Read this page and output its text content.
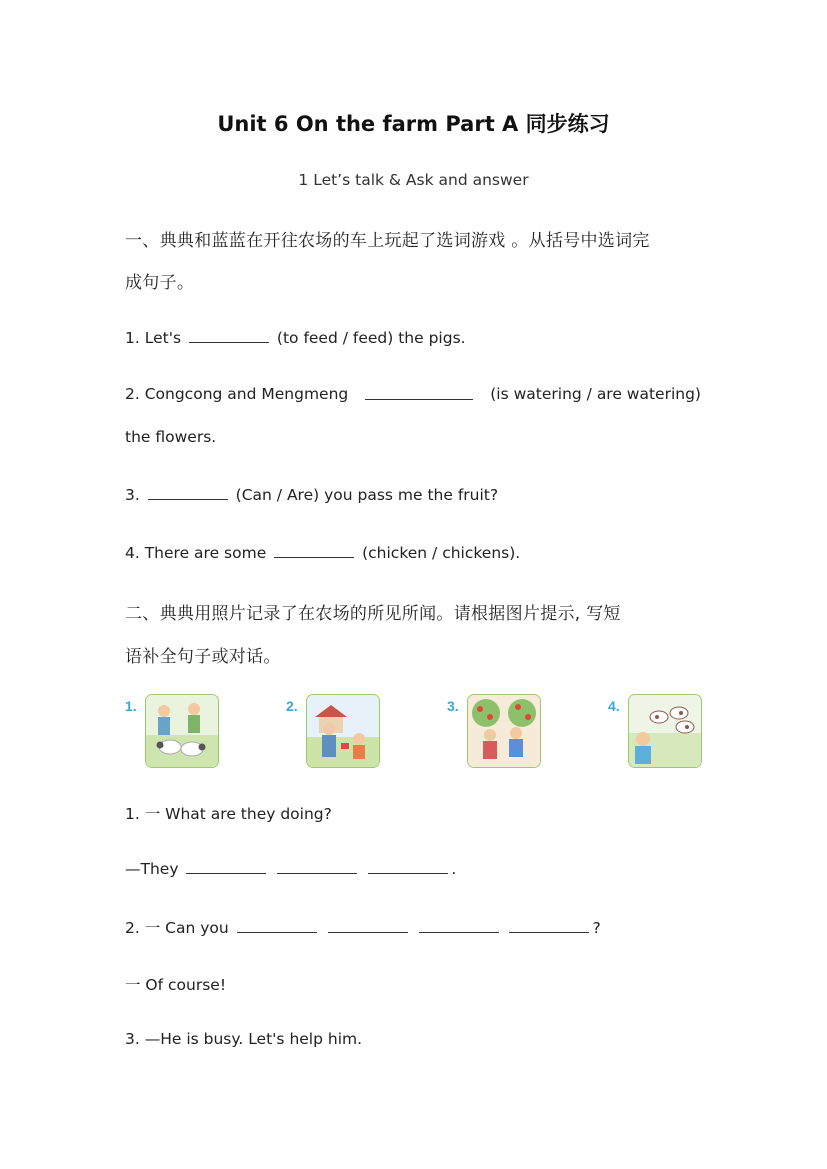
Unit 6 On the farm Part A 同步练习
1 Let’s talk & Ask and answer
一、典典和蓝蓝在开往农场的车上玩起了选词游戏 。从括号中选词完
成句子。
1. Let's	(to feed / feed) the pigs.
2. Congcong and Mengmeng	(is watering / are watering)
the flowers.
3.	(Can / Are) you pass me the fruit?
4. There are some	(chicken / chickens).
二、典典用照片记录了在农场的所见所闻。请根据图片提示, 写短
语补全句子或对话。
1.	2.	3.	4.
1. 一 What are they doing?
—They	.
2. 一 Can you	?
一 Of course!
3. —He is busy. Let's help him.
